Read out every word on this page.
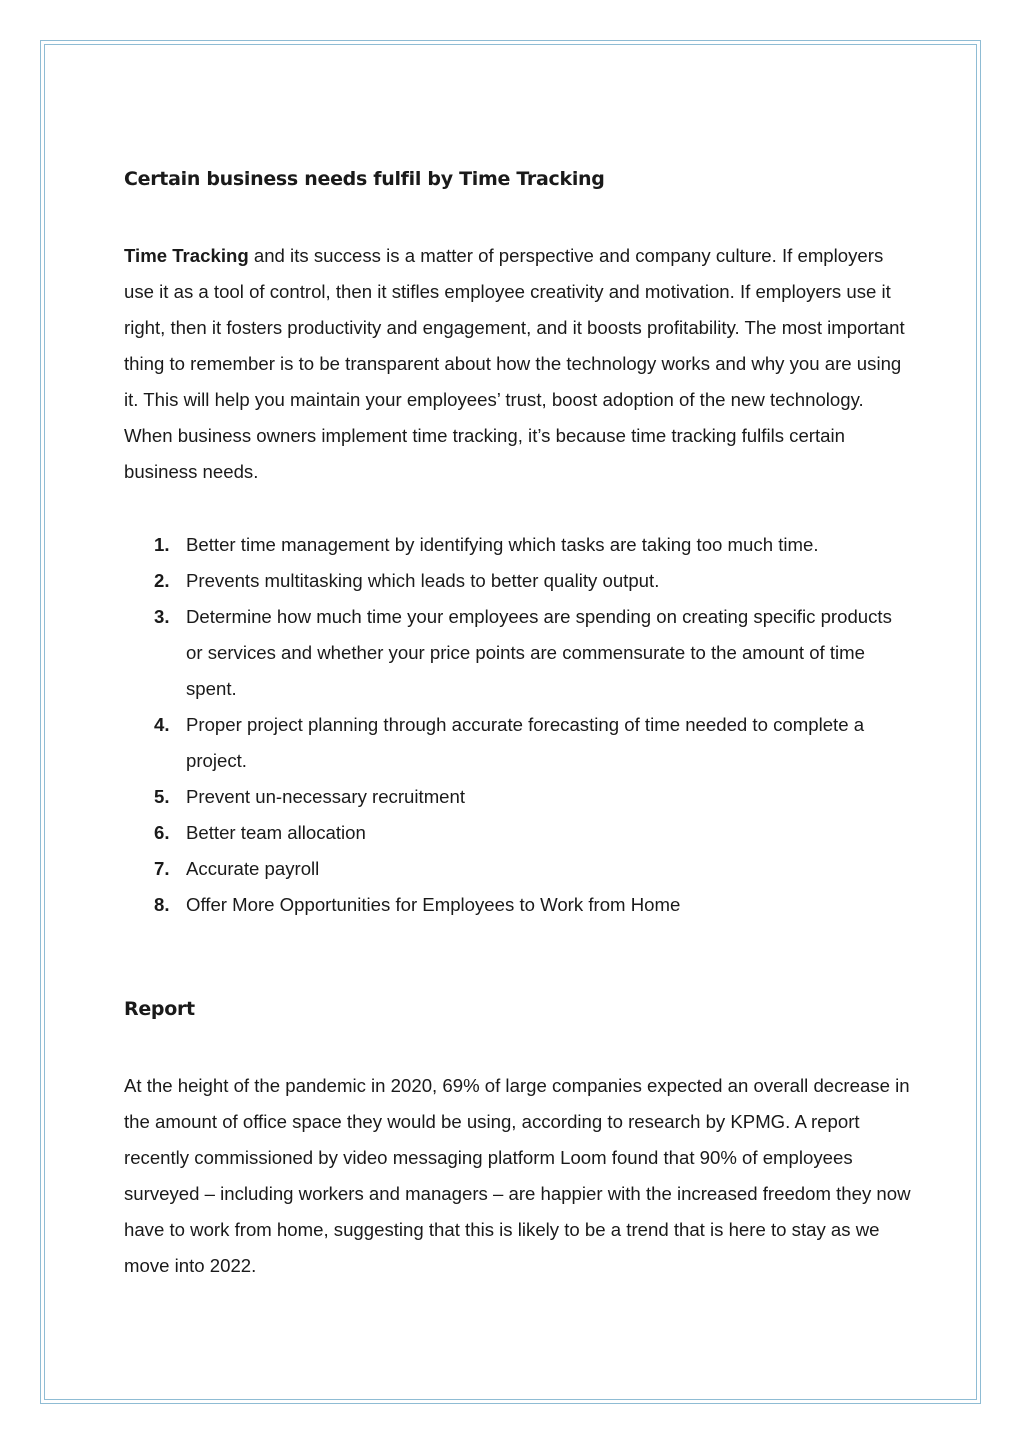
Certain business needs fulfil by Time Tracking

Time Tracking and its success is a matter of perspective and company culture. If employers use it as a tool of control, then it stifles employee creativity and motivation. If employers use it right, then it fosters productivity and engagement, and it boosts profitability. The most important thing to remember is to be transparent about how the technology works and why you are using it. This will help you maintain your employees’ trust, boost adoption of the new technology. When business owners implement time tracking, it’s because time tracking fulfils certain business needs.

1. Better time management by identifying which tasks are taking too much time.
2. Prevents multitasking which leads to better quality output.
3. Determine how much time your employees are spending on creating specific products or services and whether your price points are commensurate to the amount of time spent.
4. Proper project planning through accurate forecasting of time needed to complete a project.
5. Prevent un-necessary recruitment
6. Better team allocation
7. Accurate payroll
8. Offer More Opportunities for Employees to Work from Home
Report

At the height of the pandemic in 2020, 69% of large companies expected an overall decrease in the amount of office space they would be using, according to research by KPMG. A report recently commissioned by video messaging platform Loom found that 90% of employees surveyed – including workers and managers – are happier with the increased freedom they now have to work from home, suggesting that this is likely to be a trend that is here to stay as we move into 2022.
